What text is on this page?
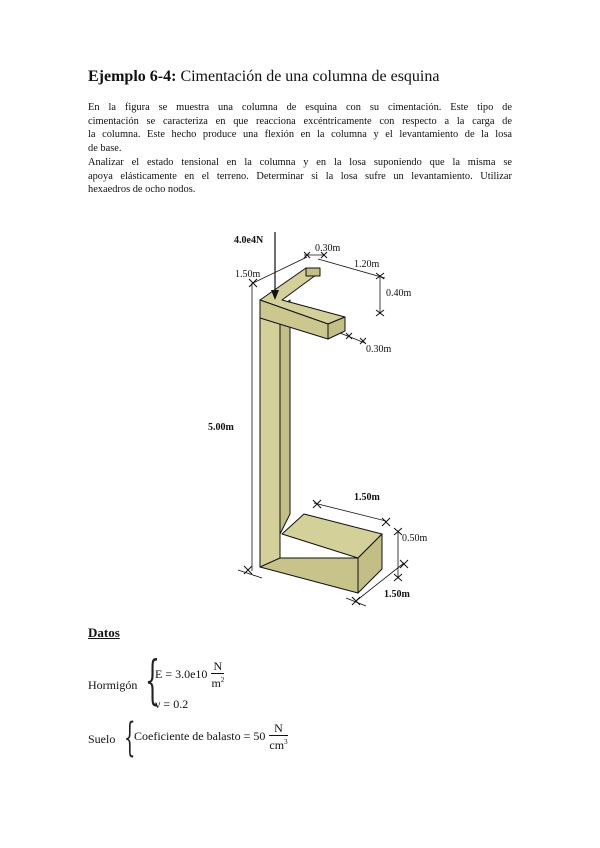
Ejemplo 6-4: Cimentación de una columna de esquina

En la figura se muestra una columna de esquina con su cimentación. Este tipo de
cimentación se caracteriza en que reacciona excéntricamente con respecto a la carga de
la columna. Este hecho produce una flexión en la columna y el levantamiento de la losa
de base.

Analizar el estado tensional en la columna y en la losa suponiendo que la misma se
apoya elásticamente en el terreno. Determinar si la losa sufre un levantamiento. Utilizar
hexaedros de ocho nodos.

4.0e4N
0.30m
1.20m
1.50m
0.40m
0.30m
5.00m
1.50m
0.50m
1.50m
Datos
Hormigón {
$E = 3.0e10 \frac{N}{m^2}$
ν = 0.2
Suelo {
Coeficiente de balasto = $50 \frac{N}{cm^3}$
